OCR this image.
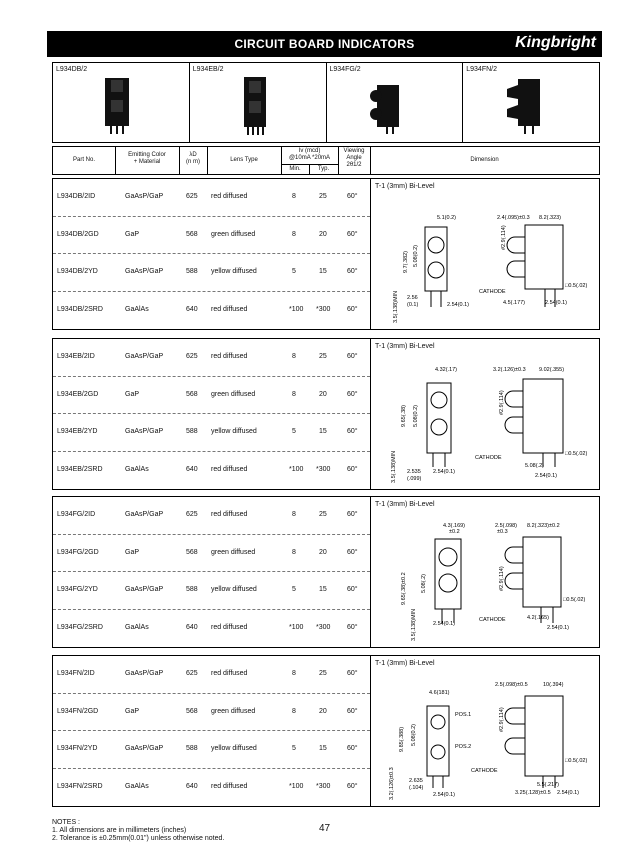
CIRCUIT BOARD INDICATORS	Kingbright
L934DB/2	L934EB/2	L934FG/2	L934FN/2
Part No.
Emitting Color
+ Material
λD
(n m)	Lens Type
Iv (mcd)
@10mA *20mA
Min.	Typ.
Viewing
Angle
2θ1/2
Dimension
L934DB/2ID	GaAsP/GaP	625 red diffused	8	25	60°
L934DB/2GD	GaP	568 green diffused	8	20	60°
L934DB/2YD	GaAsP/GaP	588 yellow diffused	5	15	60°
L934DB/2SRD	GaAlAs	640 red diffused	*100 *300 60°
T-1 (3mm) Bi-Level
5.1(0.2)	2.4(.095)±0.3 8.2(.323)
#2.9(.114)
5.08(0.2)
9.7(.382)
3.5(.138)MIN 2.56
(0.1)	2.54(0.1)
CATHODE
□0.5(.02)
4.5(.177)	2.54(0.1)
L934EB/2ID	GaAsP/GaP	625 red diffused	8	25	60°
L934EB/2GD	GaP	568 green diffused	8	20	60°
L934EB/2YD	GaAsP/GaP	588 yellow diffused	5	15	60°
L934EB/2SRD	GaAlAs	640 red diffused	*100 *300 60°
T-1 (3mm) Bi-Level
4.32(.17)	3.2(.126)±0.3 9.02(.355)
#2.9(.114)
9.65(.38) 5.08(0.2)
3.5(.138)MIN 2.535
(.099)
2.54(0.1)
CATHODE
□0.5(.02)
5.08(.2)
2.54(0.1)
L934FG/2ID	GaAsP/GaP	625 red diffused	8	25	60°
L934FG/2GD	GaP	568 green diffused	8	20	60°
L934FG/2YD	GaAsP/GaP	588 yellow diffused	5	15	60°
L934FG/2SRD	GaAlAs	640 red diffused	*100 *300 60°
T-1 (3mm) Bi-Level
4.3(.169)
±0.2
2.5(.098) 8.2(.323)±0.2
±0.3
#2.9(.114)
9.65(.38)±0.2	5.08(.2)
3.5(.138)MIN	2.54(0.1)
CATHODE
□0.5(.02)
4.2(.165)
2.54(0.1)
L934FN/2ID	GaAsP/GaP	625 red diffused	8	25	60°
L934FN/2GD	GaP	568 green diffused	8	20	60°
L934FN/2YD	GaAsP/GaP	588 yellow diffused	5	15	60°
L934FN/2SRD	GaAlAs	640 red diffused	*100 *300 60°
T-1 (3mm) Bi-Level
4.6(181)
2.5(.098)±0.5	10(.394)
POS.1
POS.2
9.85(.388) 5.08(0.2)
#2.9(.114)
3.2(.126)±0.3	2.635
(.104)
2.54(0.1)
CATHODE
□0.5(.02)
5.5(.217)
3.25(.128)±0.5 2.54(0.1)
NOTES :
1. All dimensions are in millimeters (inches)
2. Tolerance is ±0.25mm(0.01") unless otherwise noted.
47
